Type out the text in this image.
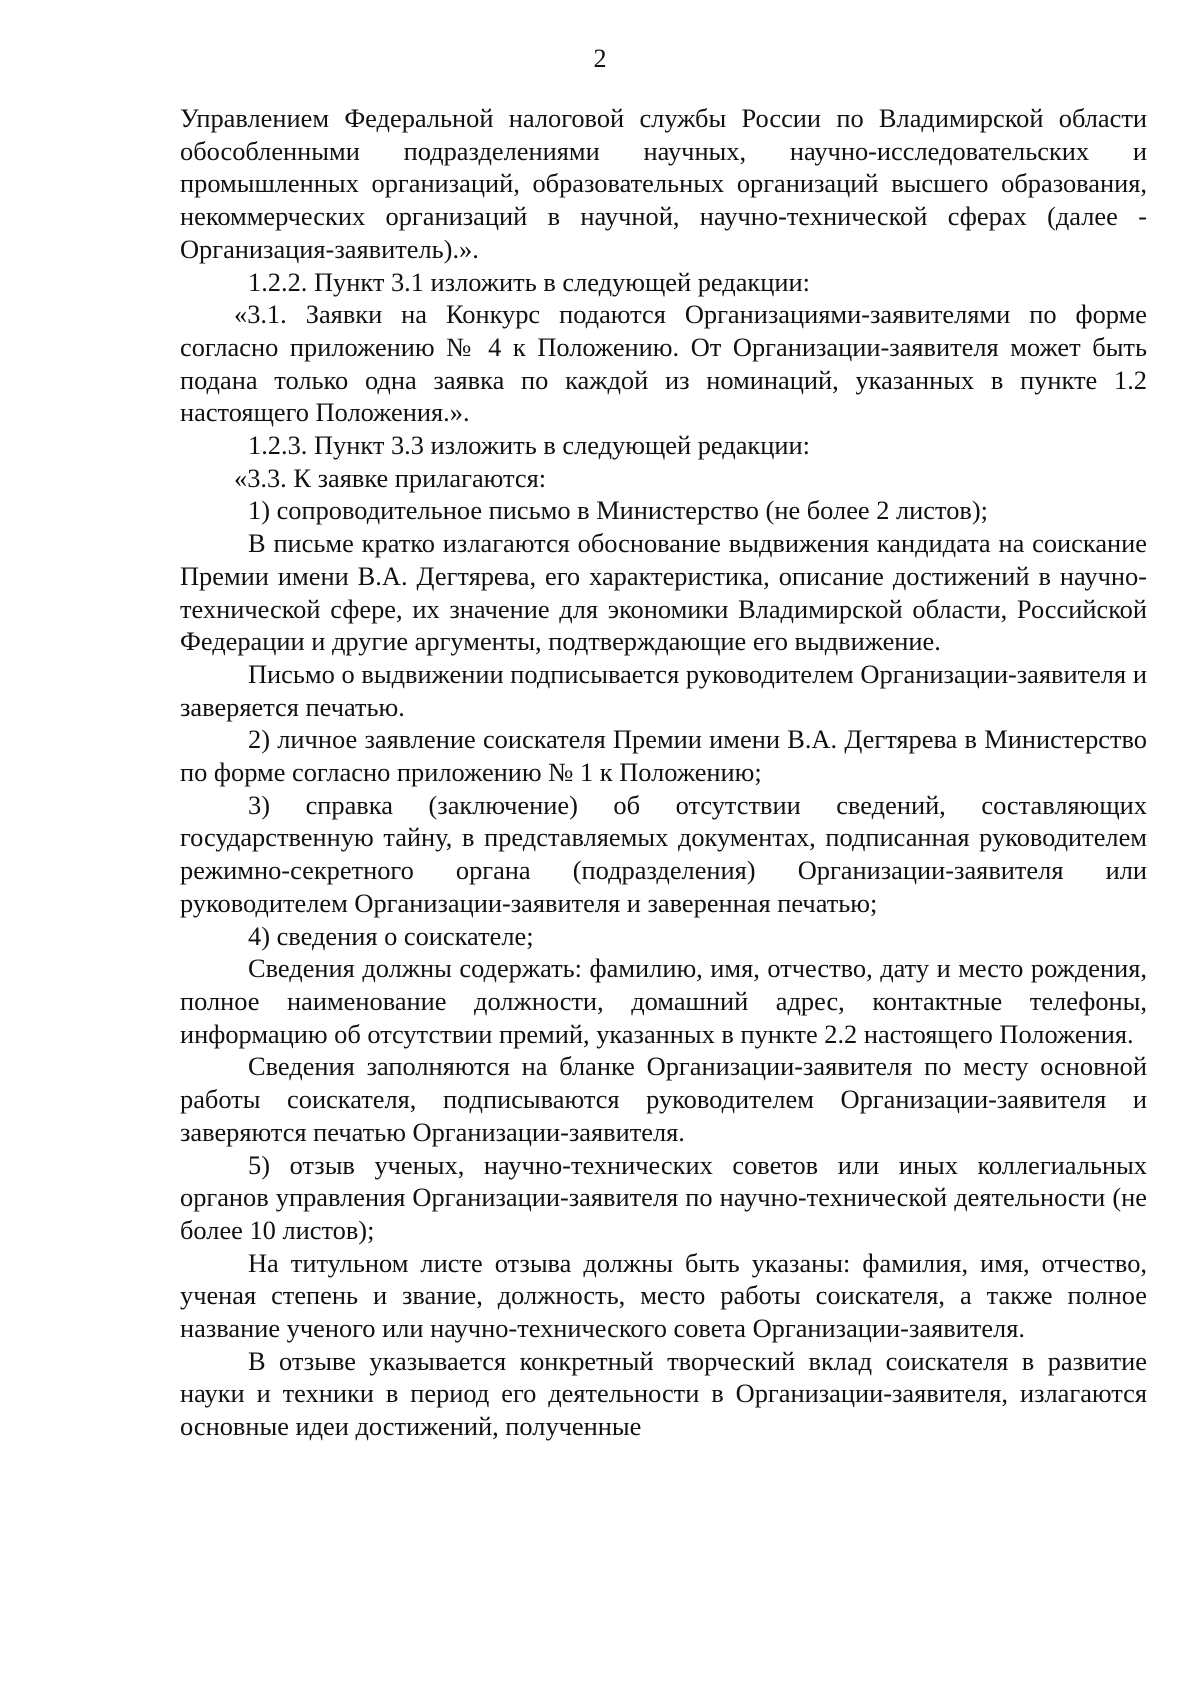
2

Управлением Федеральной налоговой службы России по Владимирской области обособленными подразделениями научных, научно-исследовательских и промышленных организаций, образовательных организаций высшего образования, некоммерческих организаций в научной, научно-технической сферах (далее - Организация-заявитель).».

1.2.2. Пункт 3.1 изложить в следующей редакции:

«3.1. Заявки на Конкурс подаются Организациями-заявителями по форме согласно приложению № 4 к Положению. От Организации-заявителя может быть подана только одна заявка по каждой из номинаций, указанных в пункте 1.2 настоящего Положения.».

1.2.3. Пункт 3.3 изложить в следующей редакции:

«3.3. К заявке прилагаются:

1) сопроводительное письмо в Министерство (не более 2 листов);

В письме кратко излагаются обоснование выдвижения кандидата на соискание Премии имени В.А. Дегтярева, его характеристика, описание достижений в научно-технической сфере, их значение для экономики Владимирской области, Российской Федерации и другие аргументы, подтверждающие его выдвижение.

Письмо о выдвижении подписывается руководителем Организации-заявителя и заверяется печатью.

2) личное заявление соискателя Премии имени В.А. Дегтярева в Министерство по форме согласно приложению № 1 к Положению;

3) справка (заключение) об отсутствии сведений, составляющих государственную тайну, в представляемых документах, подписанная руководителем режимно-секретного органа (подразделения) Организации-заявителя или руководителем Организации-заявителя и заверенная печатью;

4) сведения о соискателе;

Сведения должны содержать: фамилию, имя, отчество, дату и место рождения, полное наименование должности, домашний адрес, контактные телефоны, информацию об отсутствии премий, указанных в пункте 2.2 настоящего Положения.

Сведения заполняются на бланке Организации-заявителя по месту основной работы соискателя, подписываются руководителем Организации-заявителя и заверяются печатью Организации-заявителя.

5) отзыв ученых, научно-технических советов или иных коллегиальных органов управления Организации-заявителя по научно-технической деятельности (не более 10 листов);

На титульном листе отзыва должны быть указаны: фамилия, имя, отчество, ученая степень и звание, должность, место работы соискателя, а также полное название ученого или научно-технического совета Организации-заявителя.

В отзыве указывается конкретный творческий вклад соискателя в развитие науки и техники в период его деятельности в Организации-заявителя, излагаются основные идеи достижений, полученные
